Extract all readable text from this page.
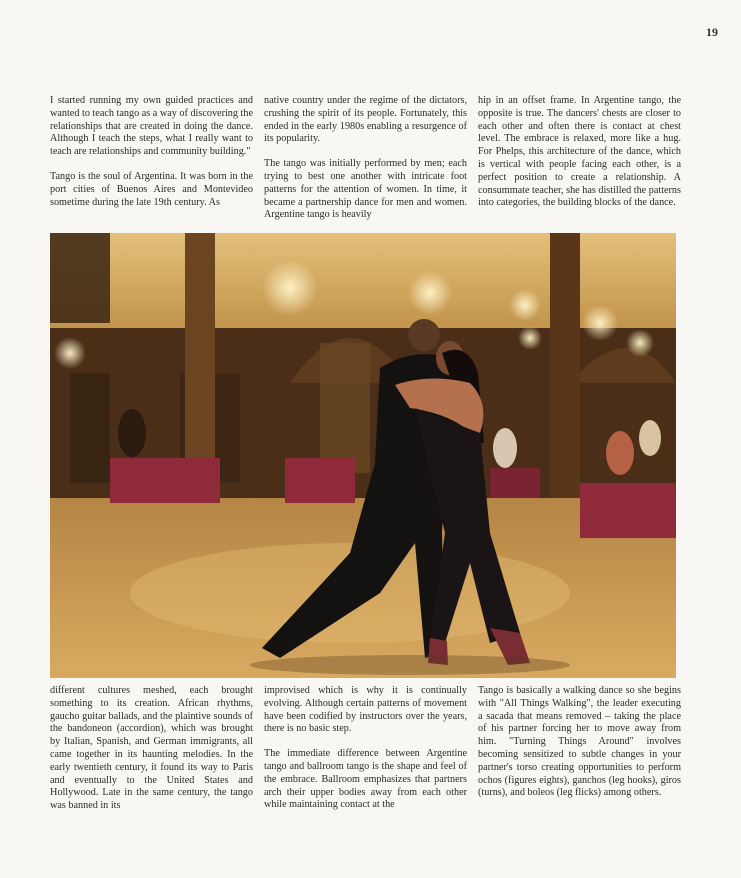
19

I started running my own guided practices and wanted to teach tango as a way of discovering the relationships that are created in doing the dance. Although I teach the steps, what I really want to teach are relationships and community building."

Tango is the soul of Argentina. It was born in the port cities of Buenos Aires and Montevideo sometime during the late 19th century. As

native country under the regime of the dictators, crushing the spirit of its people. Fortunately, this ended in the early 1980s enabling a resurgence of its popularity.

The tango was initially performed by men; each trying to best one another with intricate foot patterns for the attention of women. In time, it became a partnership dance for men and women. Argentine tango is heavily

hip in an offset frame. In Argentine tango, the opposite is true. The dancers' chests are closer to each other and often there is contact at chest level. The embrace is relaxed, more like a hug. For Phelps, this architecture of the dance, which is vertical with people facing each other, is a perfect position to create a relationship. A consummate teacher, she has distilled the patterns into categories, the building blocks of the dance.

different cultures meshed, each brought something to its creation. African rhythms, gaucho guitar ballads, and the plaintive sounds of the bandoneon (accordion), which was brought by Italian, Spanish, and German immigrants, all came together in its haunting melodies. In the early twentieth century, it found its way to Paris and eventually to the United States and Hollywood. Late in the same century, the tango was banned in its

improvised which is why it is continually evolving. Although certain patterns of movement have been codified by instructors over the years, there is no basic step.

The immediate difference between Argentine tango and ballroom tango is the shape and feel of the embrace. Ballroom emphasizes that partners arch their upper bodies away from each other while maintaining contact at the

Tango is basically a walking dance so she begins with "All Things Walking", the leader executing a sacada that means removed – taking the place of his partner forcing her to move away from him. "Turning Things Around" involves becoming sensitized to subtle changes in your partner's torso creating opportunities to perform ochos (figures eights), ganchos (leg hooks), giros (turns), and boleos (leg flicks) among others.
